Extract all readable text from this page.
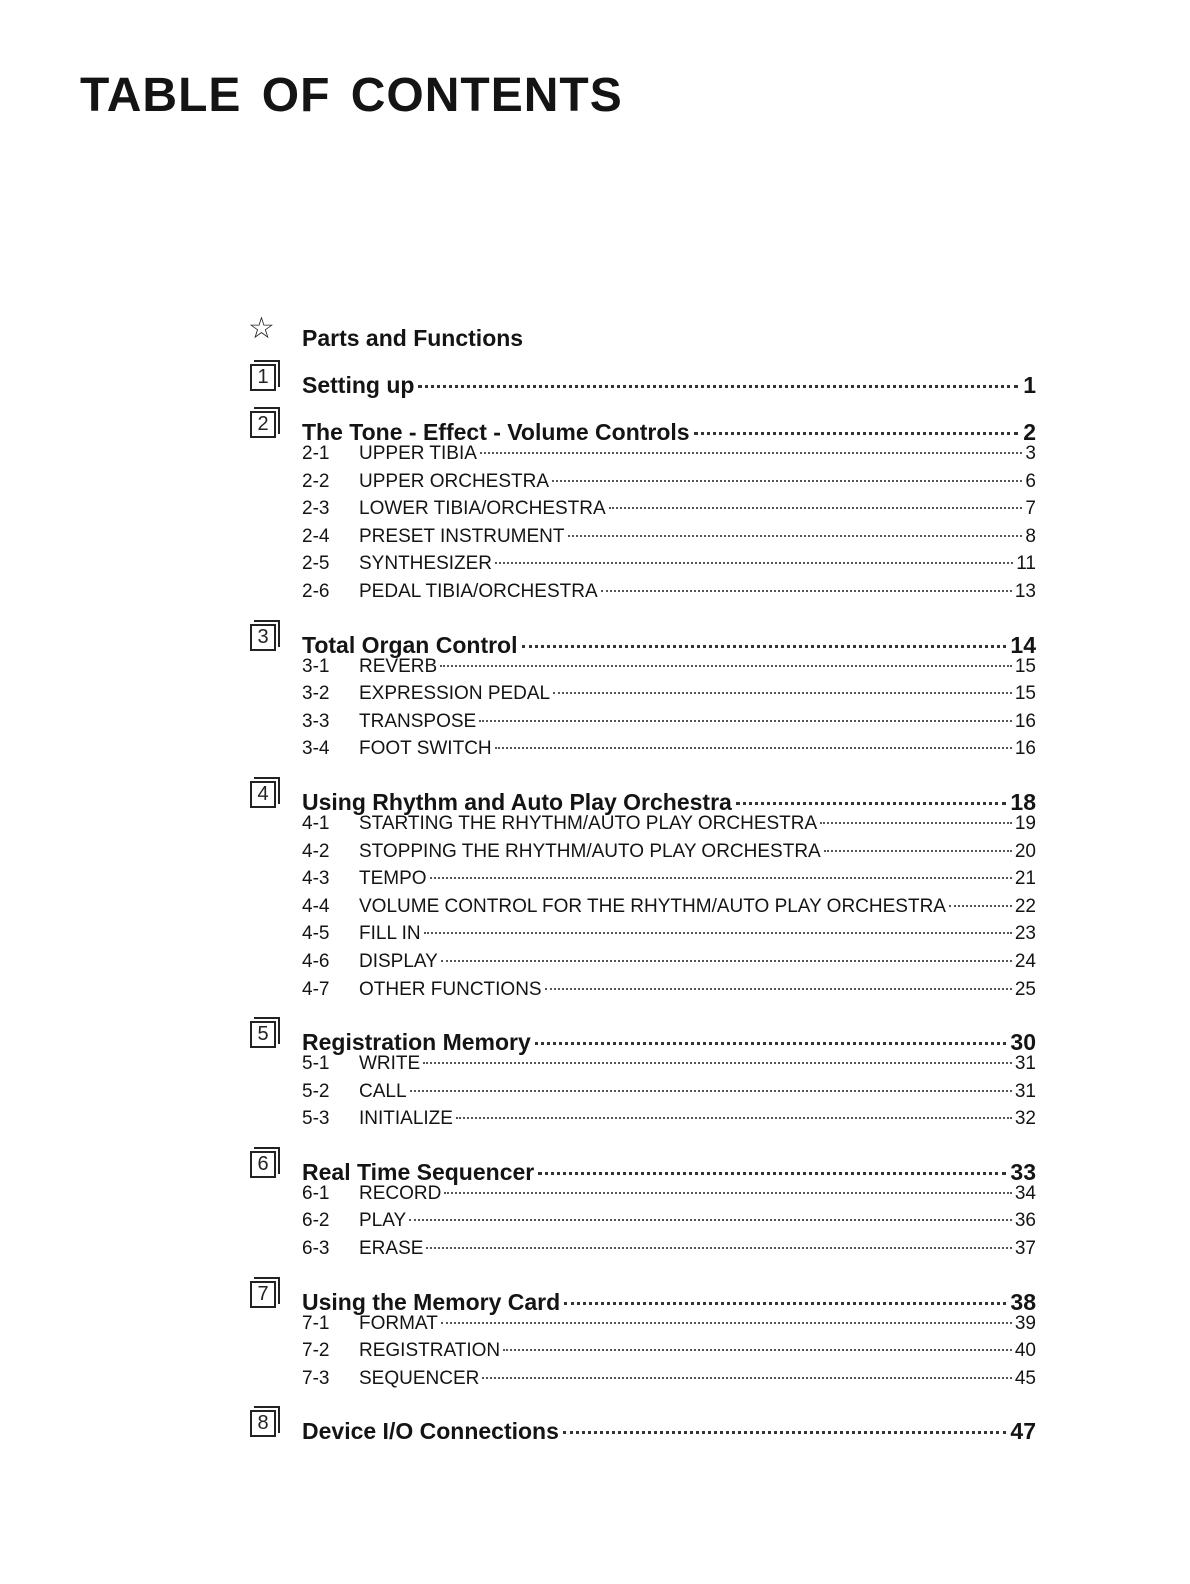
TABLE OF CONTENTS
☆ Parts and Functions
1	Setting up	1
2	The Tone - Effect - Volume Controls	2
2-1	UPPER TIBIA	3
2-2	UPPER ORCHESTRA	6
2-3	LOWER TIBIA/ORCHESTRA	7
2-4	PRESET INSTRUMENT	8
2-5	SYNTHESIZER	11
2-6	PEDAL TIBIA/ORCHESTRA	13
3	Total Organ Control	14
3-1	REVERB	15
3-2	EXPRESSION PEDAL	15
3-3	TRANSPOSE	16
3-4	FOOT SWITCH	16
4	Using Rhythm and Auto Play Orchestra	18
4-1	STARTING THE RHYTHM/AUTO PLAY ORCHESTRA	19
4-2	STOPPING THE RHYTHM/AUTO PLAY ORCHESTRA	20
4-3	TEMPO	21
4-4	VOLUME CONTROL FOR THE RHYTHM/AUTO PLAY ORCHESTRA	22
4-5	FILL IN	23
4-6	DISPLAY	24
4-7	OTHER FUNCTIONS	25
5	Registration Memory	30
5-1	WRITE	31
5-2	CALL	31
5-3	INITIALIZE	32
6	Real Time Sequencer	33
6-1	RECORD	34
6-2	PLAY	36
6-3	ERASE	37
7	Using the Memory Card	38
7-1	FORMAT	39
7-2	REGISTRATION	40
7-3	SEQUENCER	45
8	Device I/O Connections	47
